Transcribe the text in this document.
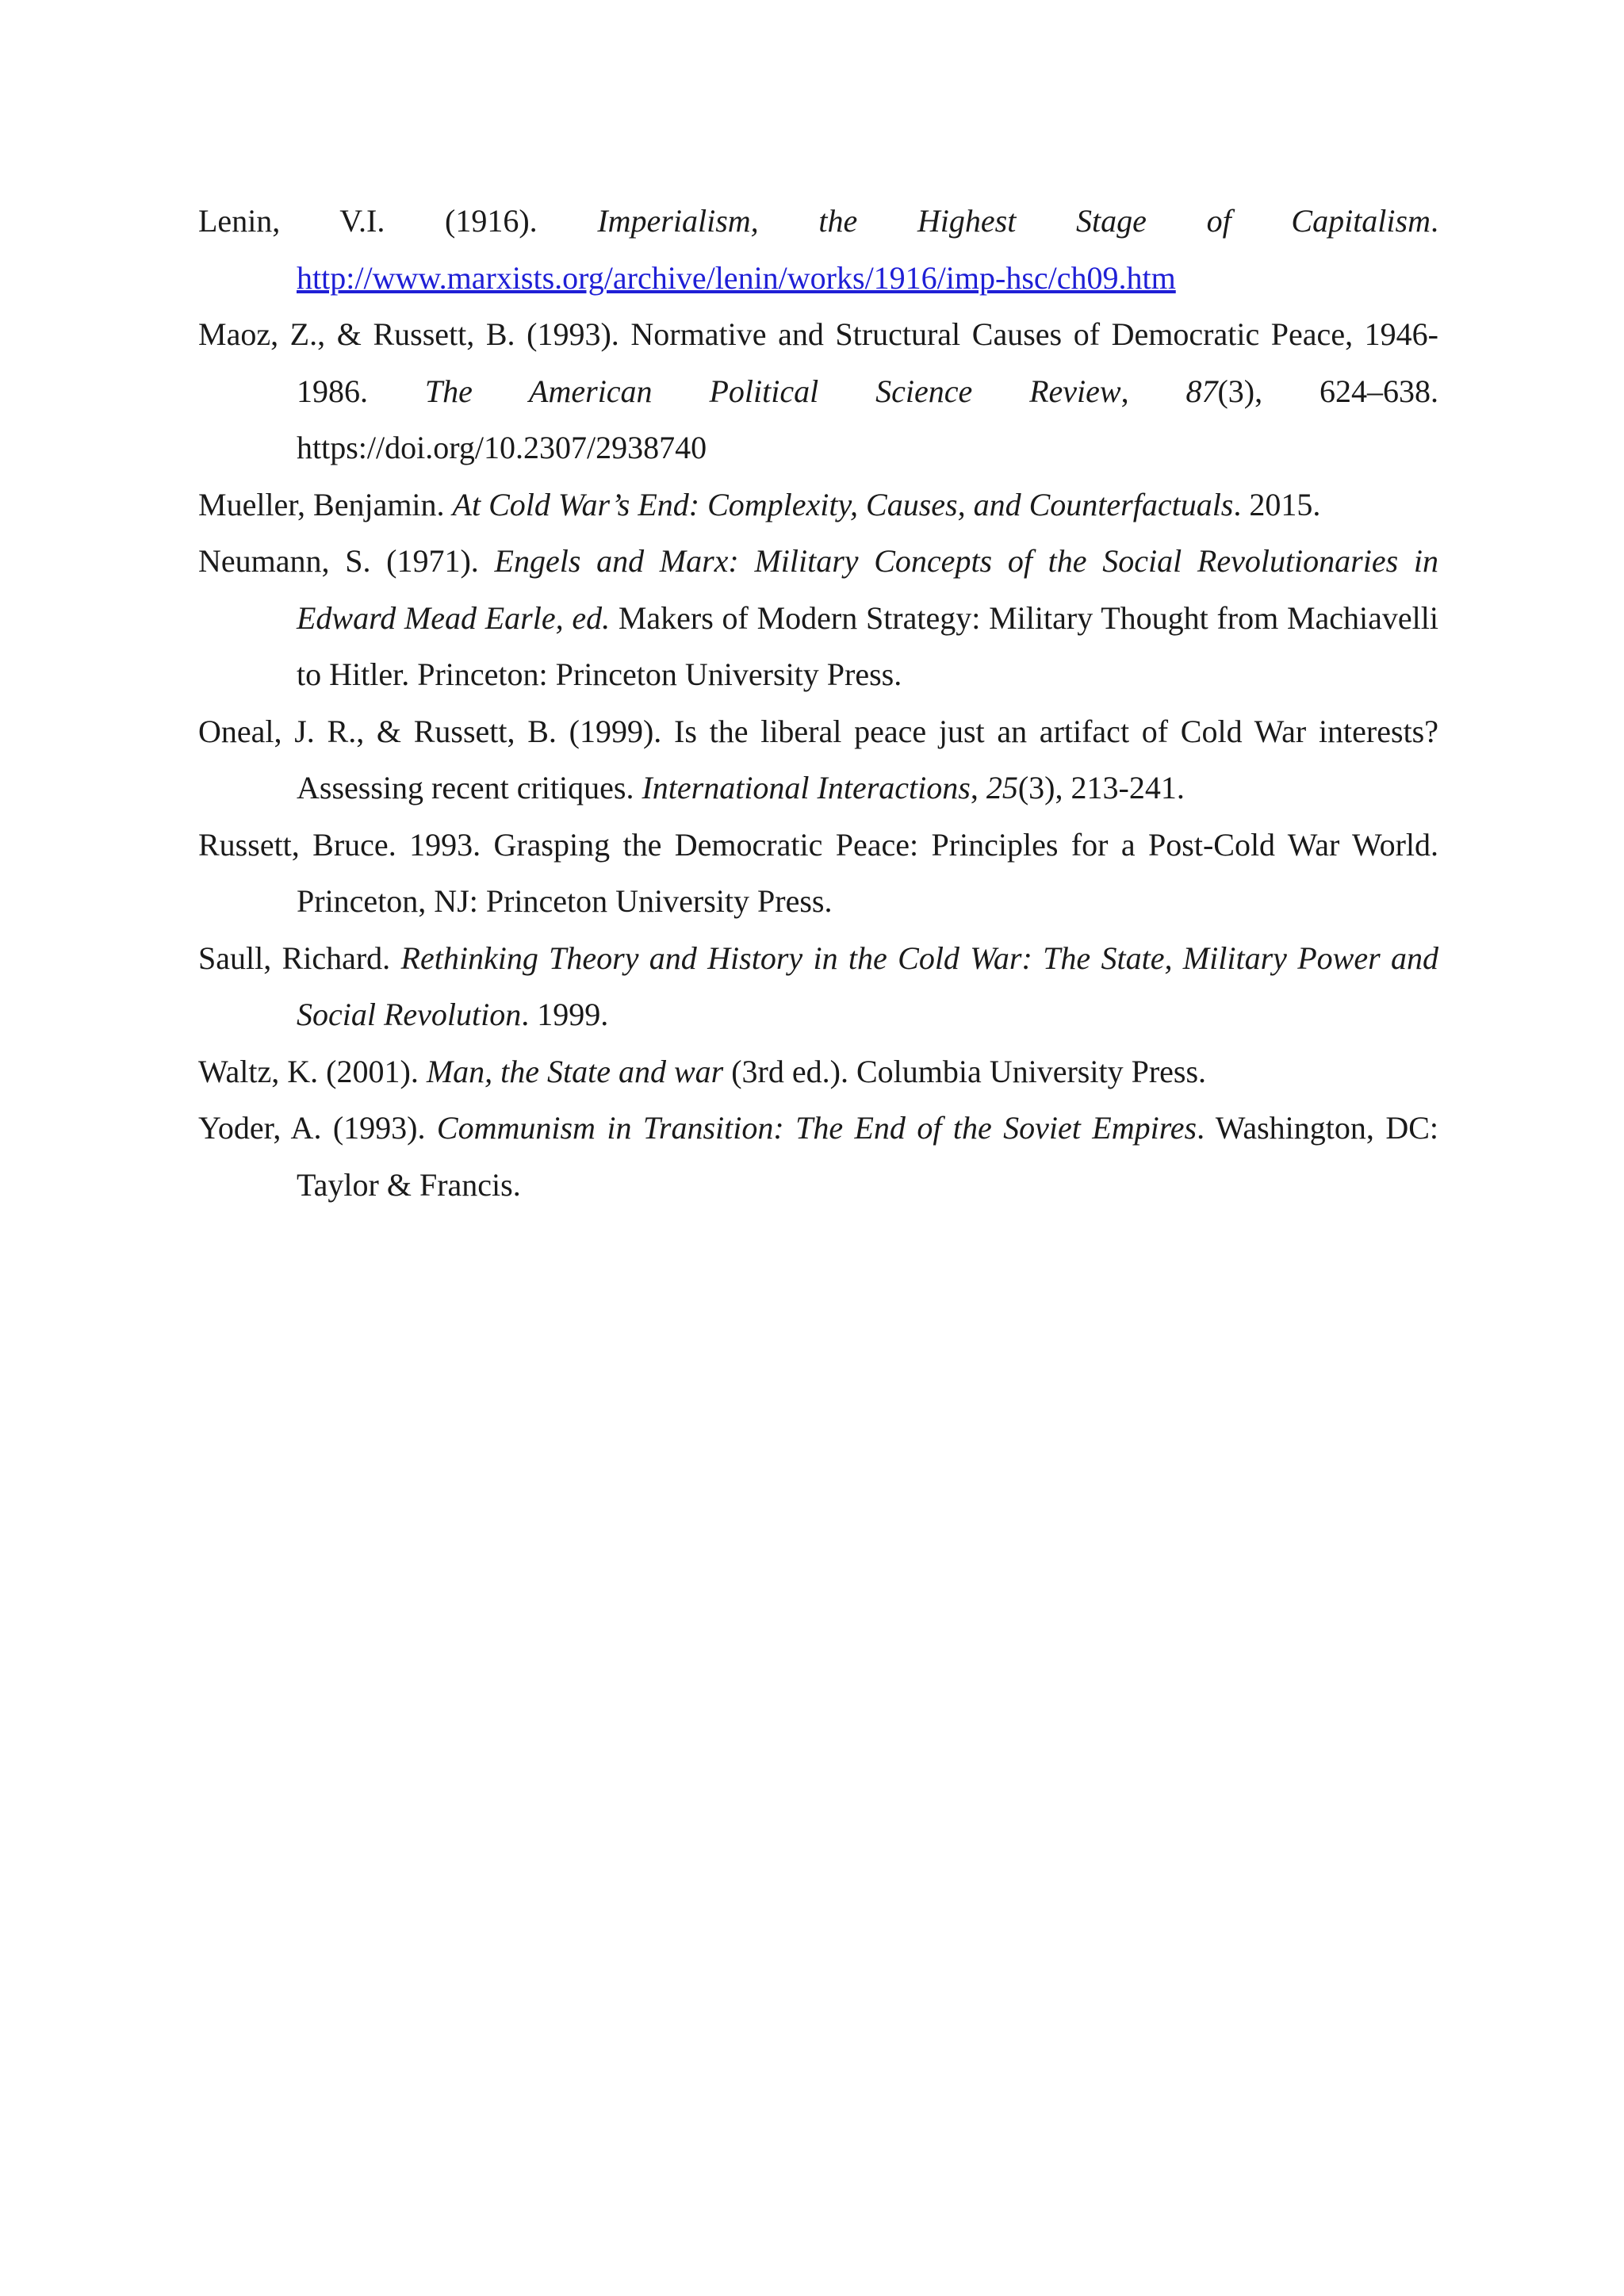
Lenin, V.I. (1916). Imperialism, the Highest Stage of Capitalism. http://www.marxists.org/archive/lenin/works/1916/imp-hsc/ch09.htm

Maoz, Z., & Russett, B. (1993). Normative and Structural Causes of Democratic Peace, 1946-1986. The American Political Science Review, 87(3), 624–638. https://doi.org/10.2307/2938740

Mueller, Benjamin. At Cold War’s End: Complexity, Causes, and Counterfactuals. 2015.

Neumann, S. (1971). Engels and Marx: Military Concepts of the Social Revolutionaries in Edward Mead Earle, ed. Makers of Modern Strategy: Military Thought from Machiavelli to Hitler. Princeton: Princeton University Press.

Oneal, J. R., & Russett, B. (1999). Is the liberal peace just an artifact of Cold War interests? Assessing recent critiques. International Interactions, 25(3), 213-241.

Russett, Bruce. 1993. Grasping the Democratic Peace: Principles for a Post-Cold War World. Princeton, NJ: Princeton University Press.

Saull, Richard. Rethinking Theory and History in the Cold War: The State, Military Power and Social Revolution. 1999.

Waltz, K. (2001). Man, the State and war (3rd ed.). Columbia University Press.

Yoder, A. (1993). Communism in Transition: The End of the Soviet Empires. Washington, DC: Taylor & Francis.
